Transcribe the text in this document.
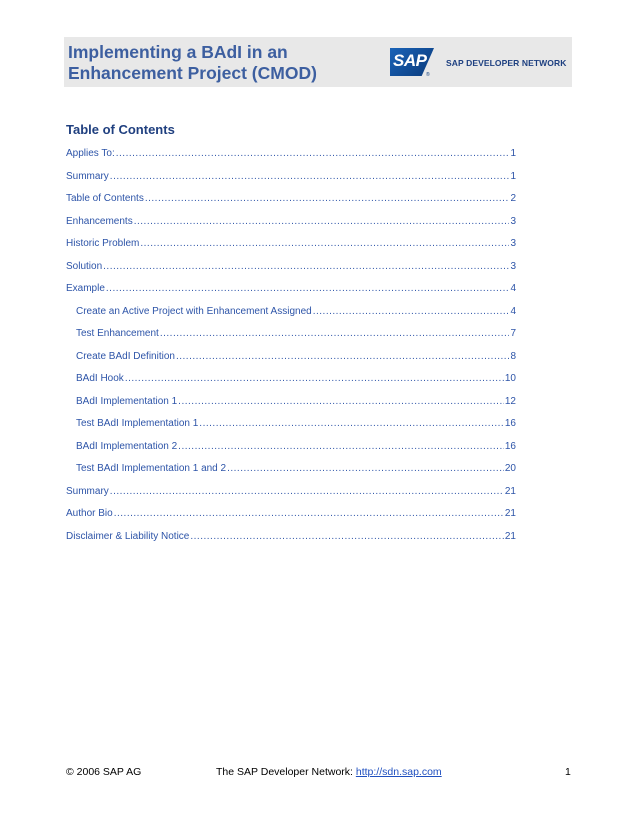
Implementing a BAdI in an
Enhancement Project (CMOD)
SAP
®
SAP DEVELOPER NETWORK
Table of Contents
Applies To: .....	1
Summary .....	1
Table of Contents .....	2
Enhancements .....	3
Historic Problem .....	3
Solution .....	3
Example .....	4
Create an Active Project with Enhancement Assigned .....	4
Test Enhancement .....	7
Create BAdI Definition .....	8
BAdI Hook .....	10
BAdI Implementation 1 .....	12
Test BAdI Implementation 1 .....	16
BAdI Implementation 2 .....	16
Test BAdI Implementation 1 and 2 .....	20
Summary .....	21
Author Bio .....	21
Disclaimer & Liability Notice .....	21
© 2006 SAP AG	The SAP Developer Network: http://sdn.sap.com	1
